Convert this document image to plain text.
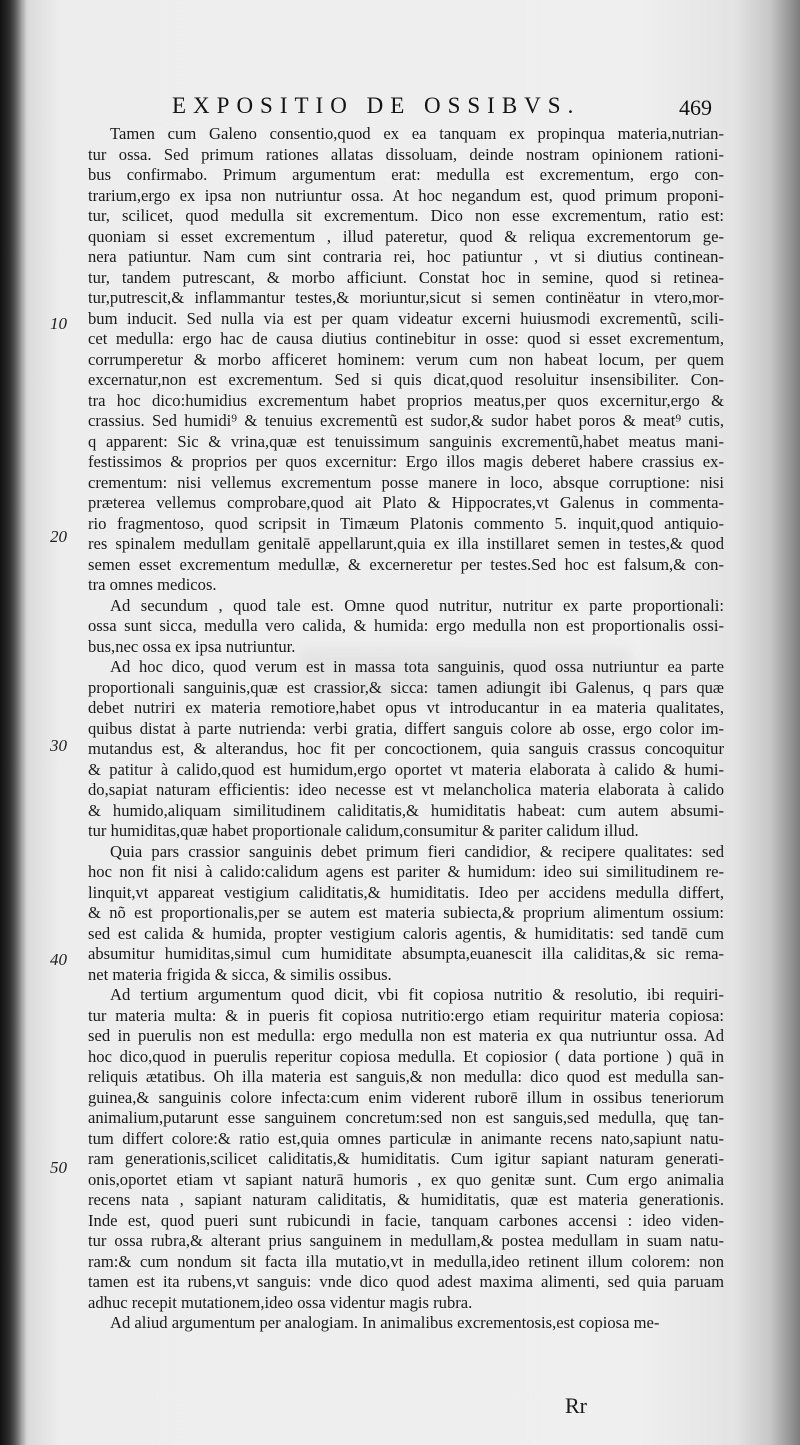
EXPOSITIO DE OSSIBVS.	469
10
20
30
40
50
Tamen cum Galeno consentio,quod ex ea tanquam ex propinqua materia,nutrian-
tur ossa. Sed primum rationes allatas dissoluam, deinde nostram opinionem rationi-
bus confirmabo. Primum argumentum erat: medulla est excrementum, ergo con-
trarium,ergo ex ipsa non nutriuntur ossa. At hoc negandum est, quod primum proponi-
tur, scilicet, quod medulla sit excrementum. Dico non esse excrementum, ratio est:
quoniam si esset excrementum , illud pateretur, quod & reliqua excrementorum ge-
nera patiuntur. Nam cum sint contraria rei, hoc patiuntur , vt si diutius continean-
tur, tandem putrescant, & morbo afficiunt. Constat hoc in semine, quod si retinea-
tur,putrescit,& inflammantur testes,& moriuntur,sicut si semen continëatur in vtero,mor-
bum inducit. Sed nulla via est per quam videatur excerni huiusmodi excrementũ, scili-
cet medulla: ergo hac de causa diutius continebitur in osse: quod si esset excrementum,
corrumperetur & morbo afficeret hominem: verum cum non habeat locum, per quem
excernatur,non est excrementum. Sed si quis dicat,quod resoluitur insensibiliter. Con-
tra hoc dico:humidius excrementum habet proprios meatus,per quos excernitur,ergo &
crassius. Sed humidi⁹ & tenuius excrementũ est sudor,& sudor habet poros & meat⁹ cutis,
q apparent: Sic & vrina,quæ est tenuissimum sanguinis excrementũ,habet meatus mani-
festissimos & proprios per quos excernitur: Ergo illos magis deberet habere crassius ex-
crementum: nisi vellemus excrementum posse manere in loco, absque corruptione: nisi
præterea vellemus comprobare,quod ait Plato & Hippocrates,vt Galenus in commenta-
rio fragmentoso, quod scripsit in Timæum Platonis commento 5. inquit,quod antiquio-
res spinalem medullam genitalē appellarunt,quia ex illa instillaret semen in testes,& quod
semen esset excrementum medullæ, & excerneretur per testes.Sed hoc est falsum,& con-
tra omnes medicos.
Ad secundum , quod tale est. Omne quod nutritur, nutritur ex parte proportionali:
ossa sunt sicca, medulla vero calida, & humida: ergo medulla non est proportionalis ossi-
bus,nec ossa ex ipsa nutriuntur.
Ad hoc dico, quod verum est in massa tota sanguinis, quod ossa nutriuntur ea parte
proportionali sanguinis,quæ est crassior,& sicca: tamen adiungit ibi Galenus, q pars quæ
debet nutriri ex materia remotiore,habet opus vt introducantur in ea materia qualitates,
quibus distat à parte nutrienda: verbi gratia, differt sanguis colore ab osse, ergo color im-
mutandus est, & alterandus, hoc fit per concoctionem, quia sanguis crassus concoquitur
& patitur à calido,quod est humidum,ergo oportet vt materia elaborata à calido & humi-
do,sapiat naturam efficientis: ideo necesse est vt melancholica materia elaborata à calido
& humido,aliquam similitudinem caliditatis,& humiditatis habeat: cum autem absumi-
tur humiditas,quæ habet proportionale calidum,consumitur & pariter calidum illud.
Quia pars crassior sanguinis debet primum fieri candidior, & recipere qualitates: sed
hoc non fit nisi à calido:calidum agens est pariter & humidum: ideo sui similitudinem re-
linquit,vt appareat vestigium caliditatis,& humiditatis. Ideo per accidens medulla differt,
& nõ est proportionalis,per se autem est materia subiecta,& proprium alimentum ossium:
sed est calida & humida, propter vestigium caloris agentis, & humiditatis: sed tandē cum
absumitur humiditas,simul cum humiditate absumpta,euanescit illa caliditas,& sic rema-
net materia frigida & sicca, & similis ossibus.
Ad tertium argumentum quod dicit, vbi fit copiosa nutritio & resolutio, ibi requiri-
tur materia multa: & in pueris fit copiosa nutritio:ergo etiam requiritur materia copiosa:
sed in puerulis non est medulla: ergo medulla non est materia ex qua nutriuntur ossa. Ad
hoc dico,quod in puerulis reperitur copiosa medulla. Et copiosior ( data portione ) quā in
reliquis ætatibus. Oh illa materia est sanguis,& non medulla: dico quod est medulla san-
guinea,& sanguinis colore infecta:cum enim viderent ruborē illum in ossibus teneriorum
animalium,putarunt esse sanguinem concretum:sed non est sanguis,sed medulla, quę tan-
tum differt colore:& ratio est,quia omnes particulæ in animante recens nato,sapiunt natu-
ram generationis,scilicet caliditatis,& humiditatis. Cum igitur sapiant naturam generati-
onis,oportet etiam vt sapiant naturā humoris , ex quo genitæ sunt. Cum ergo animalia
recens nata , sapiant naturam caliditatis, & humiditatis, quæ est materia generationis.
Inde est, quod pueri sunt rubicundi in facie, tanquam carbones accensi : ideo viden-
tur ossa rubra,& alterant prius sanguinem in medullam,& postea medullam in suam natu-
ram:& cum nondum sit facta illa mutatio,vt in medulla,ideo retinent illum colorem: non
tamen est ita rubens,vt sanguis: vnde dico quod adest maxima alimenti, sed quia paruam
adhuc recepit mutationem,ideo ossa videntur magis rubra.
Ad aliud argumentum per analogiam. In animalibus excrementosis,est copiosa me-
Rr
